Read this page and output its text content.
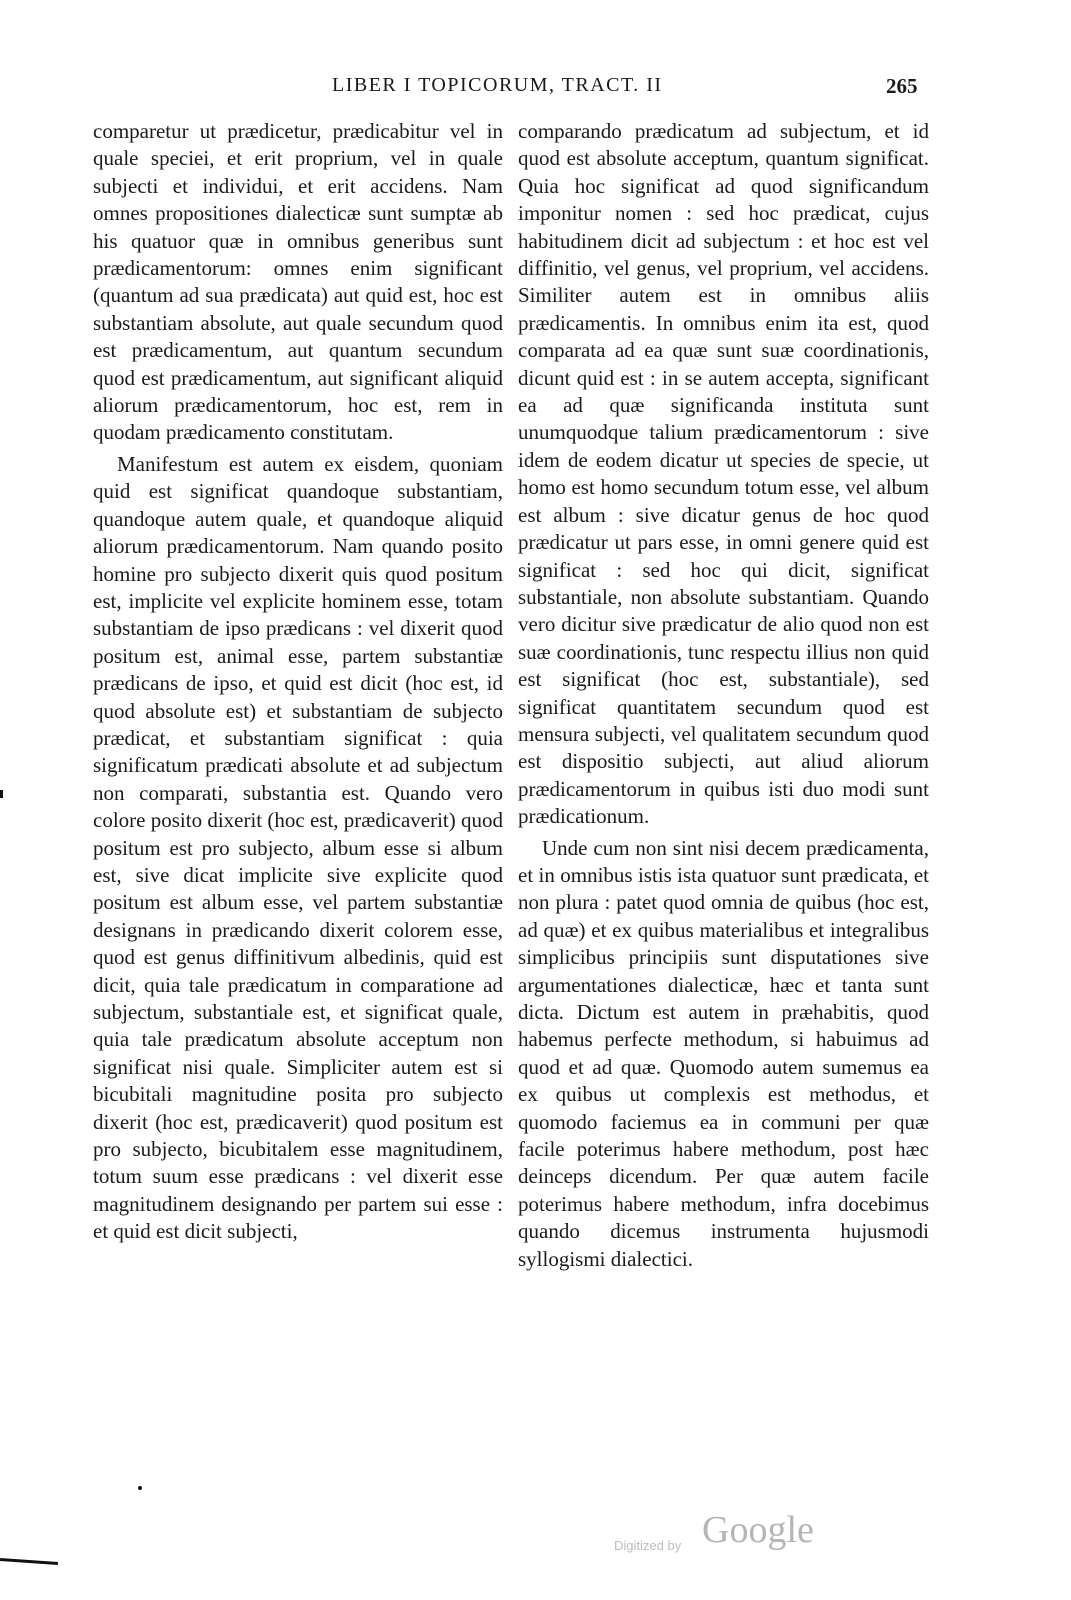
LIBER I TOPICORUM, TRACT. II	265

comparetur ut prædicetur, prædicabitur vel in quale speciei, et erit proprium, vel in quale subjecti et individui, et erit accidens. Nam omnes propositiones dialecticæ sunt sumptæ ab his quatuor quæ in omnibus generibus sunt prædicamentorum: omnes enim significant (quantum ad sua prædicata) aut quid est, hoc est substantiam absolute, aut quale secundum quod est prædicamentum, aut quantum secundum quod est prædicamentum, aut significant aliquid aliorum prædicamentorum, hoc est, rem in quodam prædicamento constitutam.

Manifestum est autem ex eisdem, quoniam quid est significat quandoque substantiam, quandoque autem quale, et quandoque aliquid aliorum prædicamentorum. Nam quando posito homine pro subjecto dixerit quis quod positum est, implicite vel explicite hominem esse, totam substantiam de ipso prædicans : vel dixerit quod positum est, animal esse, partem substantiæ prædicans de ipso, et quid est dicit (hoc est, id quod absolute est) et substantiam de subjecto prædicat, et substantiam significat : quia significatum prædicati absolute et ad subjectum non comparati, substantia est. Quando vero colore posito dixerit (hoc est, prædicaverit) quod positum est pro subjecto, album esse si album est, sive dicat implicite sive explicite quod positum est album esse, vel partem substantiæ designans in prædicando dixerit colorem esse, quod est genus diffinitivum albedinis, quid est dicit, quia tale prædicatum in comparatione ad subjectum, substantiale est, et significat quale, quia tale prædicatum absolute acceptum non significat nisi quale. Simpliciter autem est si bicubitali magnitudine posita pro subjecto dixerit (hoc est, prædicaverit) quod positum est pro subjecto, bicubitalem esse magnitudinem, totum suum esse prædicans : vel dixerit esse magnitudinem designando per partem sui esse : et quid est dicit subjecti,

comparando prædicatum ad subjectum, et id quod est absolute acceptum, quantum significat. Quia hoc significat ad quod significandum imponitur nomen : sed hoc prædicat, cujus habitudinem dicit ad subjectum : et hoc est vel diffinitio, vel genus, vel proprium, vel accidens. Similiter autem est in omnibus aliis prædicamentis. In omnibus enim ita est, quod comparata ad ea quæ sunt suæ coordinationis, dicunt quid est : in se autem accepta, significant ea ad quæ significanda instituta sunt unumquodque talium prædicamentorum : sive idem de eodem dicatur ut species de specie, ut homo est homo secundum totum esse, vel album est album : sive dicatur genus de hoc quod prædicatur ut pars esse, in omni genere quid est significat : sed hoc qui dicit, significat substantiale, non absolute substantiam. Quando vero dicitur sive prædicatur de alio quod non est suæ coordinationis, tunc respectu illius non quid est significat (hoc est, substantiale), sed significat quantitatem secundum quod est mensura subjecti, vel qualitatem secundum quod est dispositio subjecti, aut aliud aliorum prædicamentorum in quibus isti duo modi sunt prædicationum.

Unde cum non sint nisi decem prædicamenta, et in omnibus istis ista quatuor sunt prædicata, et non plura : patet quod omnia de quibus (hoc est, ad quæ) et ex quibus materialibus et integralibus simplicibus principiis sunt disputationes sive argumentationes dialecticæ, hæc et tanta sunt dicta. Dictum est autem in præhabitis, quod habemus perfecte methodum, si habuimus ad quod et ad quæ. Quomodo autem sumemus ea ex quibus ut complexis est methodus, et quomodo faciemus ea in communi per quæ facile poterimus habere methodum, post hæc deinceps dicendum. Per quæ autem facile poterimus habere methodum, infra docebimus quando dicemus instrumenta hujusmodi syllogismi dialectici.

Digitized by Google
